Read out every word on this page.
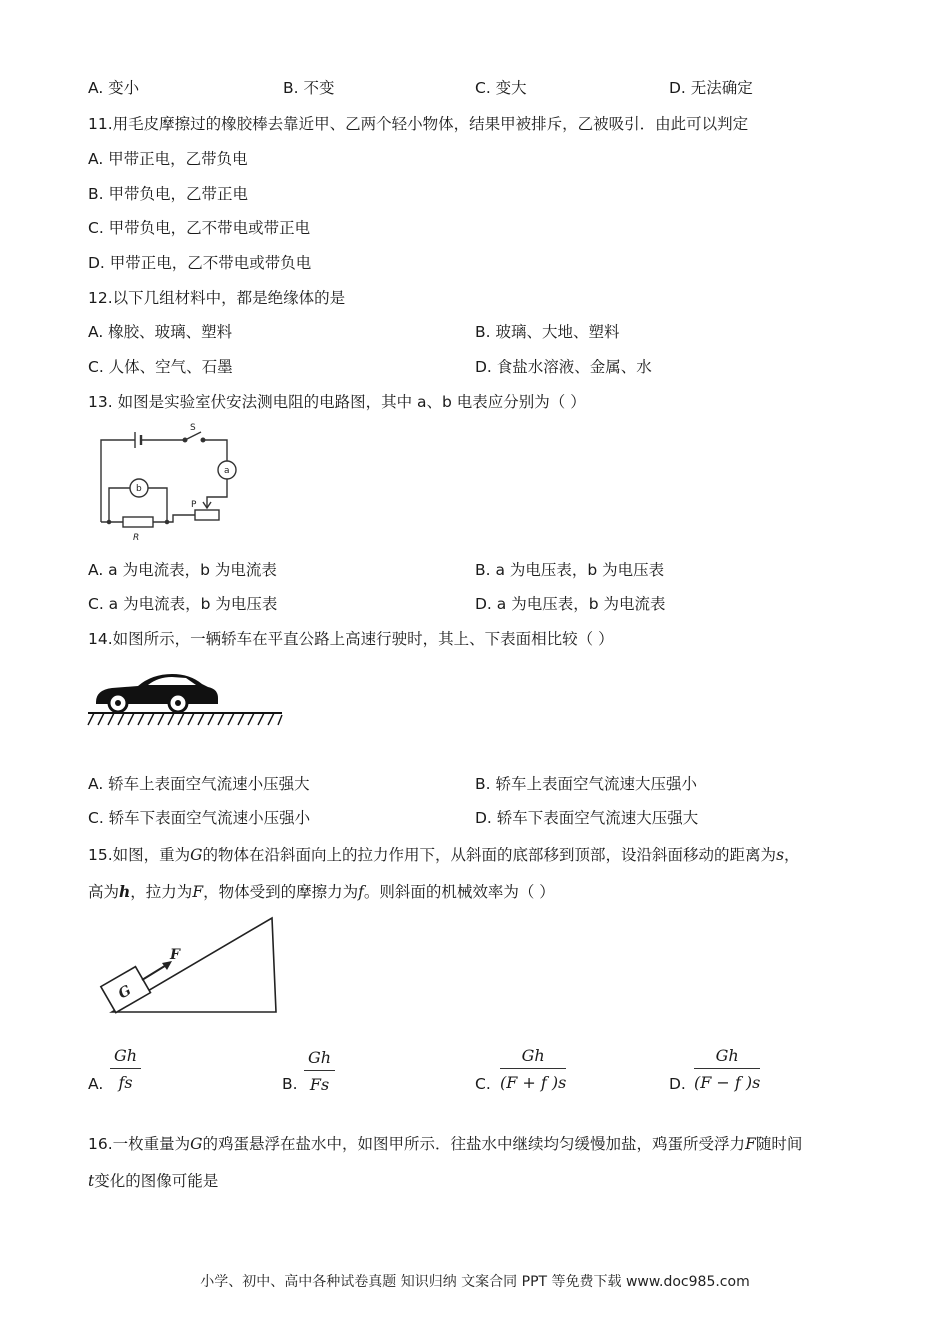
A. 变小	B. 不变	C. 变大	D. 无法确定
11.用毛皮摩擦过的橡胶棒去靠近甲、乙两个轻小物体，结果甲被排斥，乙被吸引．由此可以判定
A. 甲带正电，乙带负电
B. 甲带负电，乙带正电
C. 甲带负电，乙不带电或带正电
D. 甲带正电，乙不带电或带负电
12.以下几组材料中，都是绝缘体的是
A. 橡胶、玻璃、塑料	B. 玻璃、大地、塑料
C. 人体、空气、石墨	D. 食盐水溶液、金属、水
13. 如图是实验室伏安法测电阻的电路图，其中 a、b 电表应分别为（ ）
S
a
b
P
R
A. a 为电流表，b 为电流表	B. a 为电压表，b 为电压表
C. a 为电流表，b 为电压表	D. a 为电压表，b 为电流表
14.如图所示，一辆轿车在平直公路上高速行驶时，其上、下表面相比较（ ）
A. 轿车上表面空气流速小压强大	B. 轿车上表面空气流速大压强小
C. 轿车下表面空气流速小压强小	D. 轿车下表面空气流速大压强大
15.如图，重为G的物体在沿斜面向上的拉力作用下，从斜面的底部移到顶部，设沿斜面移动的距离为s，
高为h，拉力为F，物体受到的摩擦力为f。则斜面的机械效率为（ ）
G
F
A.
Gh
fs	B.
Gh
Fs	C.
Gh
(F + f )s	D.
Gh
(F − f )s
16.一枚重量为G的鸡蛋悬浮在盐水中，如图甲所示．往盐水中继续均匀缓慢加盐，鸡蛋所受浮力F随时间
t变化的图像可能是
小学、初中、高中各种试卷真题 知识归纳 文案合同 PPT 等免费下载 www.doc985.com
